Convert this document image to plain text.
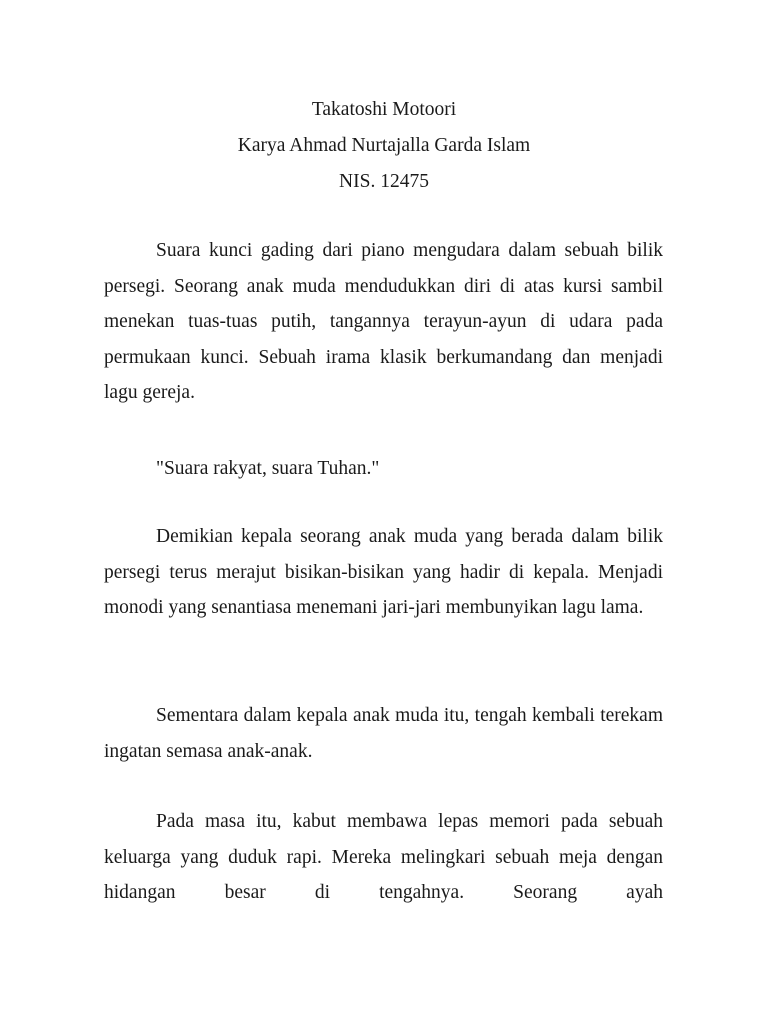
Takatoshi Motoori
Karya Ahmad Nurtajalla Garda Islam
NIS. 12475

Suara kunci gading dari piano mengudara dalam sebuah bilik persegi. Seorang anak muda mendudukkan diri di atas kursi sambil menekan tuas-tuas putih, tangannya terayun-ayun di udara pada permukaan kunci. Sebuah irama klasik berkumandang dan menjadi lagu gereja.

"Suara rakyat, suara Tuhan."

Demikian kepala seorang anak muda yang berada dalam bilik persegi terus merajut bisikan-bisikan yang hadir di kepala. Menjadi monodi yang senantiasa menemani jari-jari membunyikan lagu lama.

Sementara dalam kepala anak muda itu, tengah kembali terekam ingatan semasa anak-anak.

Pada masa itu, kabut membawa lepas memori pada sebuah keluarga yang duduk rapi. Mereka melingkari sebuah meja dengan hidangan besar di tengahnya. Seorang ayah
